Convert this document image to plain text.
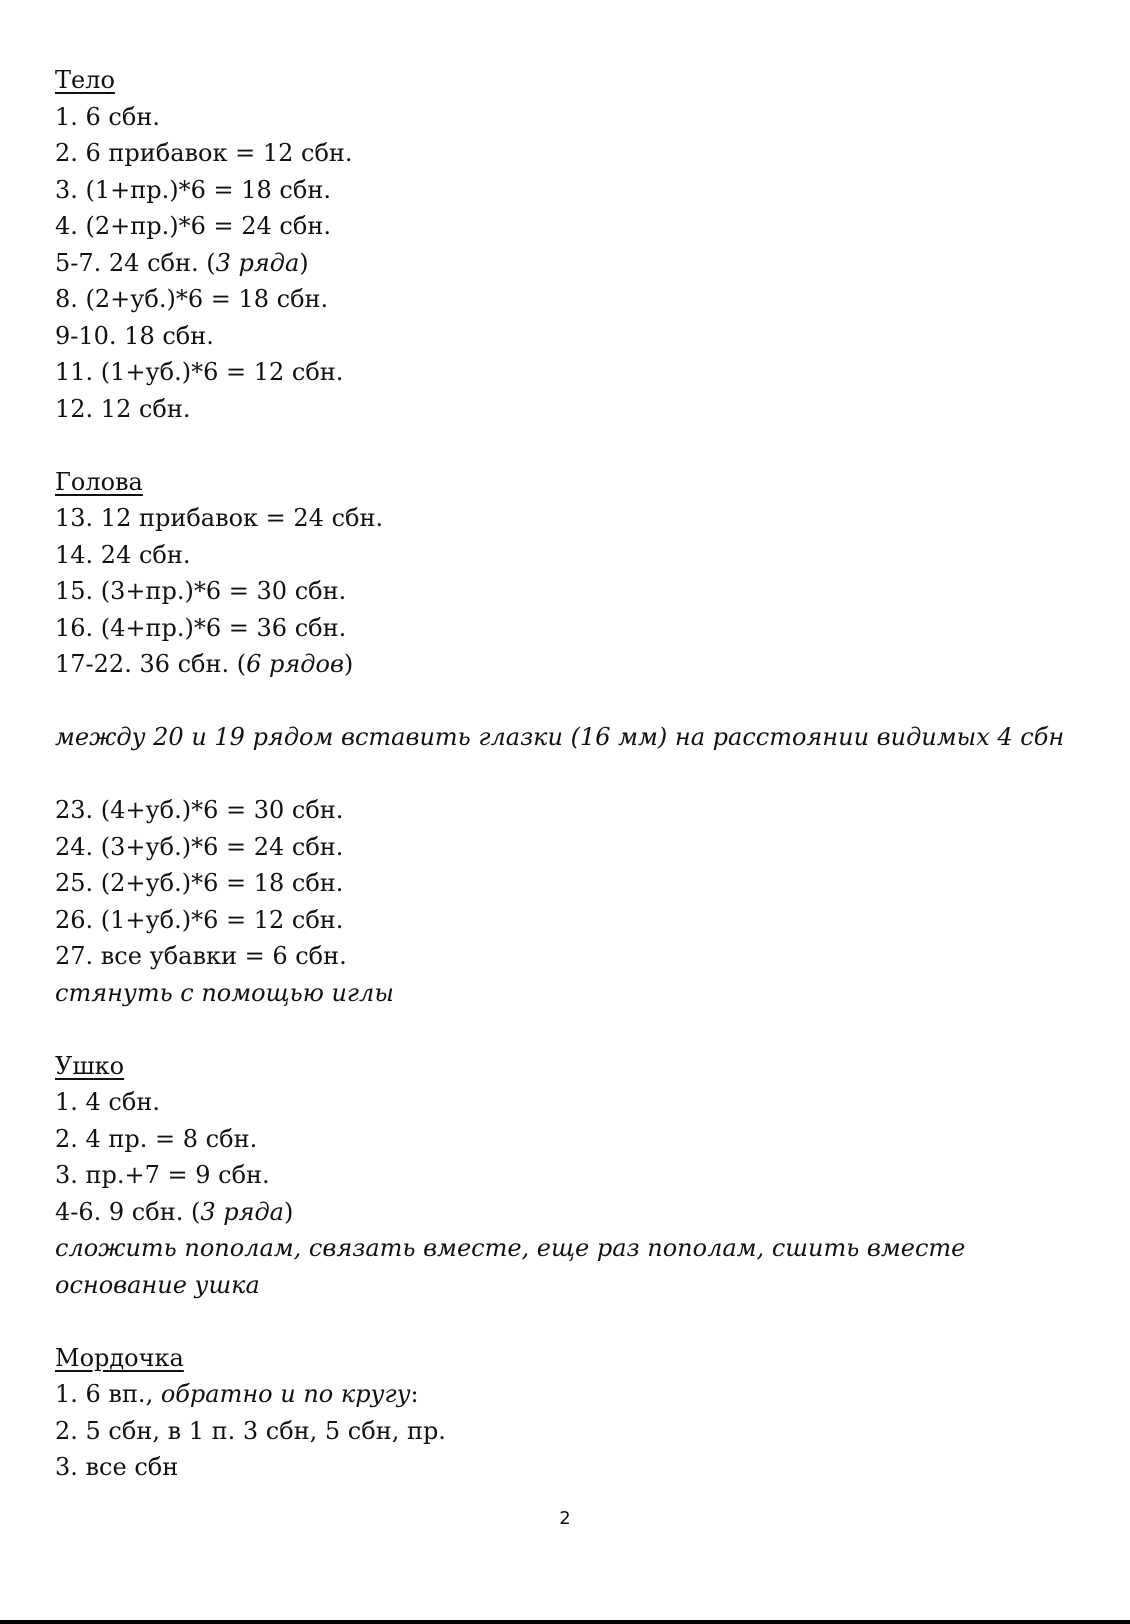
Тело
1. 6 сбн.
2. 6 прибавок = 12 сбн.
3. (1+пр.)*6 = 18 сбн.
4. (2+пр.)*6 = 24 сбн.
5-7. 24 сбн. (3 ряда)
8. (2+уб.)*6 = 18 сбн.
9-10. 18 сбн.
11. (1+уб.)*6 = 12 сбн.
12. 12 сбн.
Голова
13. 12 прибавок = 24 сбн.
14. 24 сбн.
15. (3+пр.)*6 = 30 сбн.
16. (4+пр.)*6 = 36 сбн.
17-22. 36 сбн. (6 рядов)
между 20 и 19 рядом вставить глазки (16 мм) на расстоянии видимых 4 сбн
23. (4+уб.)*6 = 30 сбн.
24. (3+уб.)*6 = 24 сбн.
25. (2+уб.)*6 = 18 сбн.
26. (1+уб.)*6 = 12 сбн.
27. все убавки = 6 сбн.
стянуть с помощью иглы
Ушко
1. 4 сбн.
2. 4 пр. = 8 сбн.
3. пр.+7 = 9 сбн.
4-6. 9 сбн. (3 ряда)
сложить пополам, связать вместе, еще раз пополам, сшить вместе основание ушка
Мордочка
1. 6 вп., обратно и по кругу:
2. 5 сбн, в 1 п. 3 сбн, 5 сбн, пр.
3. все сбн
2
